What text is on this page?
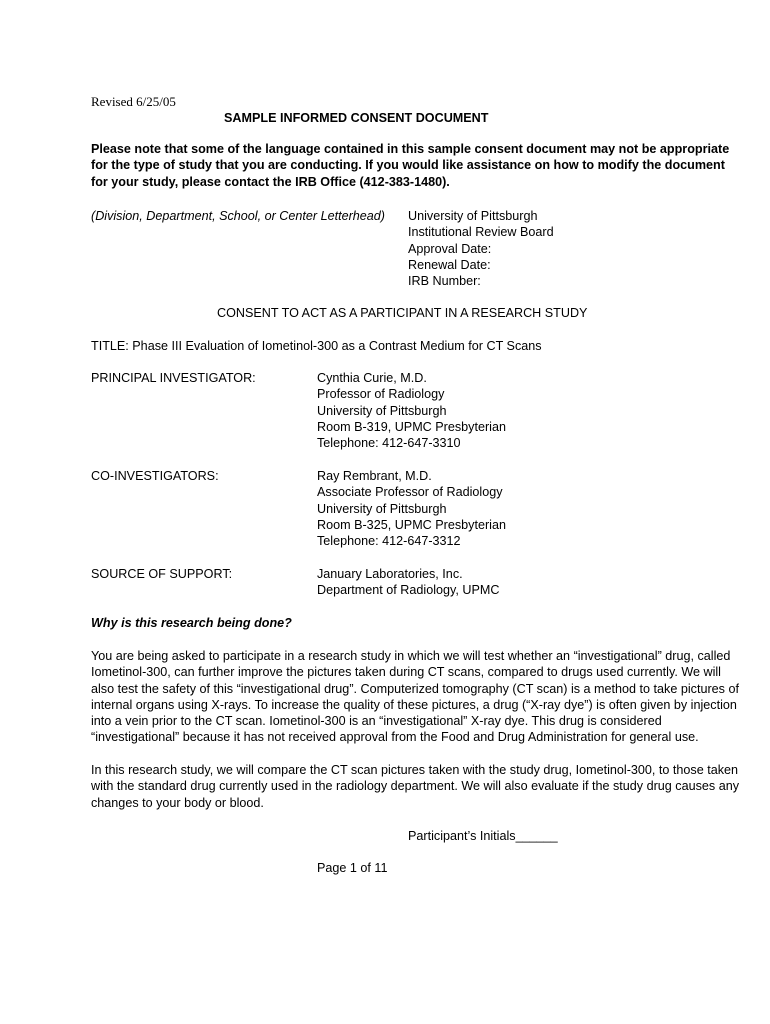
Revised 6/25/05
SAMPLE INFORMED CONSENT DOCUMENT
Please note that some of the language contained in this sample consent document may not be appropriate
for the type of study that you are conducting. If you would like assistance on how to modify the document
for your study, please contact the IRB Office (412-383-1480).
(Division, Department, School, or Center Letterhead) University of Pittsburgh
Institutional Review Board
Approval Date:
Renewal Date:
IRB Number:
CONSENT TO ACT AS A PARTICIPANT IN A RESEARCH STUDY
TITLE: Phase III Evaluation of Iometinol-300 as a Contrast Medium for CT Scans
PRINCIPAL INVESTIGATOR:	Cynthia Curie, M.D.
Professor of Radiology
University of Pittsburgh
Room B-319, UPMC Presbyterian
Telephone: 412-647-3310
CO-INVESTIGATORS:	Ray Rembrant, M.D.
Associate Professor of Radiology
University of Pittsburgh
Room B-325, UPMC Presbyterian
Telephone: 412-647-3312
SOURCE OF SUPPORT:	January Laboratories, Inc.
Department of Radiology, UPMC
Why is this research being done?
You are being asked to participate in a research study in which we will test whether an “investigational” drug, called
Iometinol-300, can further improve the pictures taken during CT scans, compared to drugs used currently. We will
also test the safety of this “investigational drug”. Computerized tomography (CT scan) is a method to take pictures of
internal organs using X-rays. To increase the quality of these pictures, a drug (“X-ray dye”) is often given by injection
into a vein prior to the CT scan. Iometinol-300 is an “investigational” X-ray dye. This drug is considered
“investigational” because it has not received approval from the Food and Drug Administration for general use.
In this research study, we will compare the CT scan pictures taken with the study drug, Iometinol-300, to those taken
with the standard drug currently used in the radiology department. We will also evaluate if the study drug causes any
changes to your body or blood.
Participant’s Initials______
Page 1 of 11
